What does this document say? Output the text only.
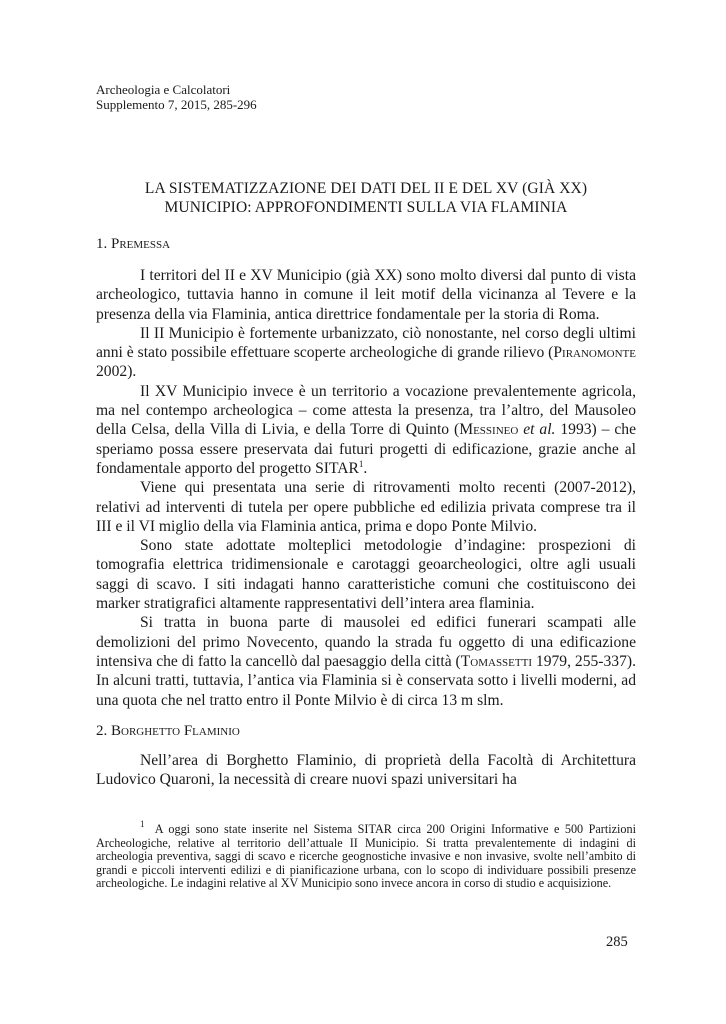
Archeologia e Calcolatori
Supplemento 7, 2015, 285-296
LA SISTEMATIZZAZIONE DEI DATI DEL II E DEL XV (GIÀ XX)
MUNICIPIO: APPROFONDIMENTI SULLA VIA FLAMINIA
1. Premessa

I territori del II e XV Municipio (già XX) sono molto diversi dal punto di vista archeologico, tuttavia hanno in comune il leit motif della vicinanza al Tevere e la presenza della via Flaminia, antica direttrice fondamentale per la storia di Roma.

Il II Municipio è fortemente urbanizzato, ciò nonostante, nel corso degli ultimi anni è stato possibile effettuare scoperte archeologiche di grande rilievo (Piranomonte 2002).

Il XV Municipio invece è un territorio a vocazione prevalentemente agricola, ma nel contempo archeologica – come attesta la presenza, tra l’altro, del Mausoleo della Celsa, della Villa di Livia, e della Torre di Quinto (Messineo et al. 1993) – che speriamo possa essere preservata dai futuri progetti di edificazione, grazie anche al fondamentale apporto del progetto SITAR$^1$.

Viene qui presentata una serie di ritrovamenti molto recenti (2007-2012), relativi ad interventi di tutela per opere pubbliche ed edilizia privata comprese tra il III e il VI miglio della via Flaminia antica, prima e dopo Ponte Milvio.

Sono state adottate molteplici metodologie d’indagine: prospezioni di tomografia elettrica tridimensionale e carotaggi geoarcheologici, oltre agli usuali saggi di scavo. I siti indagati hanno caratteristiche comuni che costituiscono dei marker stratigrafici altamente rappresentativi dell’intera area flaminia.

Si tratta in buona parte di mausolei ed edifici funerari scampati alle demolizioni del primo Novecento, quando la strada fu oggetto di una edificazione intensiva che di fatto la cancellò dal paesaggio della città (Tomassetti 1979, 255-337). In alcuni tratti, tuttavia, l’antica via Flaminia si è conservata sotto i livelli moderni, ad una quota che nel tratto entro il Ponte Milvio è di circa 13 m slm.

2. Borghetto Flaminio

Nell’area di Borghetto Flaminio, di proprietà della Facoltà di Architettura Ludovico Quaroni, la necessità di creare nuovi spazi universitari ha

$^1$ A oggi sono state inserite nel Sistema SITAR circa 200 Origini Informative e 500 Partizioni Archeologiche, relative al territorio dell’attuale II Municipio. Si tratta prevalentemente di indagini di archeologia preventiva, saggi di scavo e ricerche geognostiche invasive e non invasive, svolte nell’ambito di grandi e piccoli interventi edilizi e di pianificazione urbana, con lo scopo di individuare possibili presenze archeologiche. Le indagini relative al XV Municipio sono invece ancora in corso di studio e acquisizione.
285
